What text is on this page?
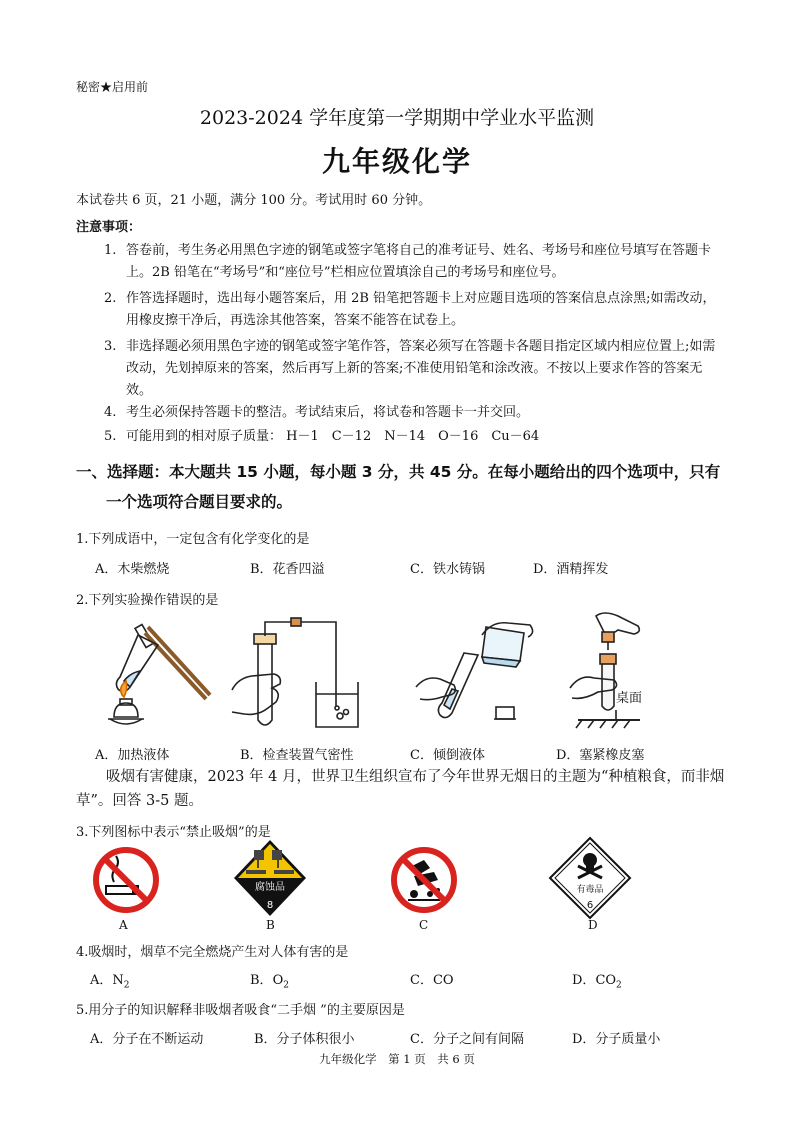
秘密★启用前
2023-2024 学年度第一学期期中学业水平监测
九年级化学
本试卷共 6 页，21 小题，满分 100 分。考试用时 60 分钟。
注意事项：
1. 答卷前，考生务必用黑色字迹的钢笔或签字笔将自己的准考证号、姓名、考场号和座位号填写在答题卡上。2B 铅笔在“考场号”和“座位号”栏相应位置填涂自己的考场号和座位号。
2. 作答选择题时，选出每小题答案后，用 2B 铅笔把答题卡上对应题目选项的答案信息点涂黑;如需改动，用橡皮擦干净后，再选涂其他答案，答案不能答在试卷上。
3. 非选择题必须用黑色字迹的钢笔或签字笔作答，答案必须写在答题卡各题目指定区域内相应位置上;如需改动，先划掉原来的答案，然后再写上新的答案;不准使用铅笔和涂改液。不按以上要求作答的答案无效。
4. 考生必须保持答题卡的整洁。考试结束后，将试卷和答题卡一并交回。
5. 可能用到的相对原子质量： H－1　C－12　N－14　O－16　Cu－64
一、选择题：本大题共 15 小题，每小题 3 分，共 45 分。在每小题给出的四个选项中，只有
一个选项符合题目要求的。
1.下列成语中，一定包含有化学变化的是
A．木柴燃烧	B．花香四溢	C．铁水铸锅	D．酒精挥发
2.下列实验操作错误的是
桌面
A．加热液体	B．检查装置气密性	C．倾倒液体	D．塞紧橡皮塞
吸烟有害健康，2023 年 4 月，世界卫生组织宣布了今年世界无烟日的主题为“种植粮食，而非烟草”。回答 3-5 题。
3.下列图标中表示“禁止吸烟”的是
腐蚀品
8
有毒品
6
A	B	C	D
4.吸烟时，烟草不完全燃烧产生对人体有害的是
A．$N_2$	B．$O_2$	C．CO	D．$CO_2$
5.用分子的知识解释非吸烟者吸食“二手烟 ”的主要原因是
A．分子在不断运动	B．分子体积很小	C．分子之间有间隔	D．分子质量小
九年级化学　第 1 页　共 6 页
